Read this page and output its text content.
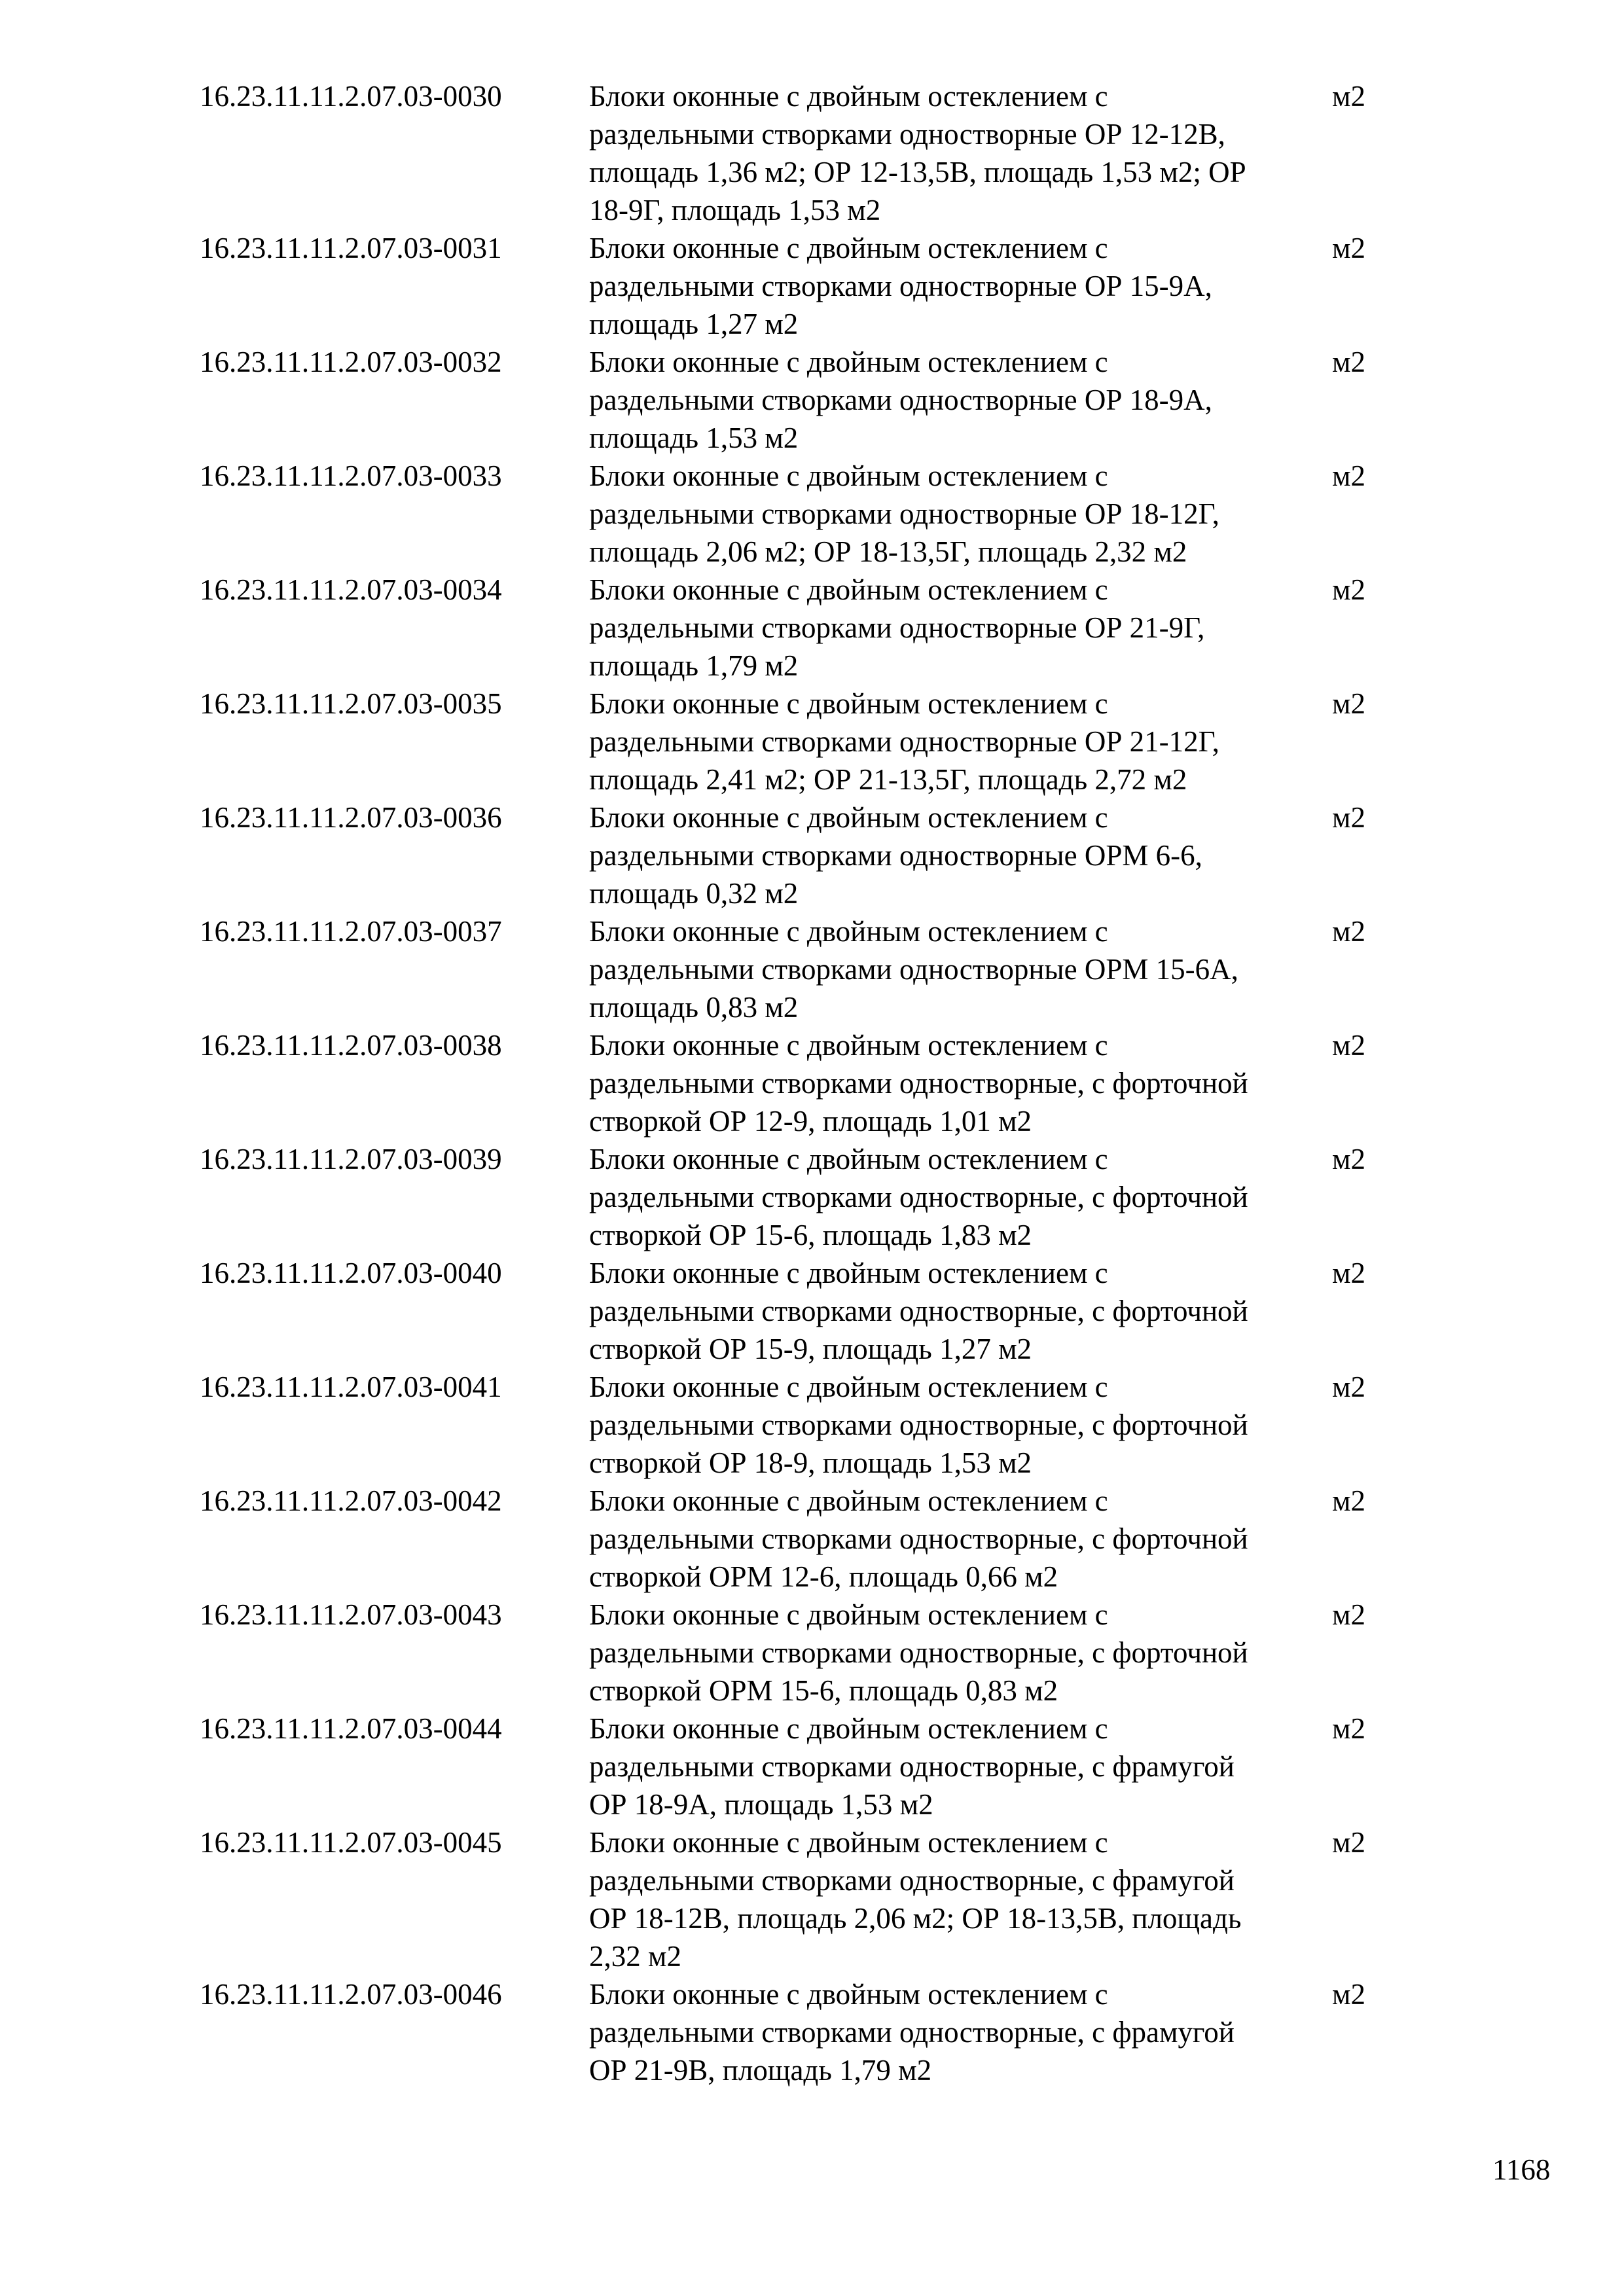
16.23.11.11.2.07.03-0030	Блоки оконные с двойным остеклением с
раздельными створками одностворные ОР 12-12В,
площадь 1,36 м2; ОР 12-13,5В, площадь 1,53 м2; ОР
18-9Г, площадь 1,53 м2
м2
16.23.11.11.2.07.03-0031	Блоки оконные с двойным остеклением с
раздельными створками одностворные ОР 15-9А,
площадь 1,27 м2
м2
16.23.11.11.2.07.03-0032	Блоки оконные с двойным остеклением с
раздельными створками одностворные ОР 18-9А,
площадь 1,53 м2
м2
16.23.11.11.2.07.03-0033	Блоки оконные с двойным остеклением с
раздельными створками одностворные ОР 18-12Г,
площадь 2,06 м2; ОР 18-13,5Г, площадь 2,32 м2
м2
16.23.11.11.2.07.03-0034	Блоки оконные с двойным остеклением с
раздельными створками одностворные ОР 21-9Г,
площадь 1,79 м2
м2
16.23.11.11.2.07.03-0035	Блоки оконные с двойным остеклением с
раздельными створками одностворные ОР 21-12Г,
площадь 2,41 м2; ОР 21-13,5Г, площадь 2,72 м2
м2
16.23.11.11.2.07.03-0036	Блоки оконные с двойным остеклением с
раздельными створками одностворные ОРМ 6-6,
площадь 0,32 м2
м2
16.23.11.11.2.07.03-0037	Блоки оконные с двойным остеклением с
раздельными створками одностворные ОРМ 15-6А,
площадь 0,83 м2
м2
16.23.11.11.2.07.03-0038	Блоки оконные с двойным остеклением с
раздельными створками одностворные, с форточной
створкой ОР 12-9, площадь 1,01 м2
м2
16.23.11.11.2.07.03-0039	Блоки оконные с двойным остеклением с
раздельными створками одностворные, с форточной
створкой ОР 15-6, площадь 1,83 м2
м2
16.23.11.11.2.07.03-0040	Блоки оконные с двойным остеклением с
раздельными створками одностворные, с форточной
створкой ОР 15-9, площадь 1,27 м2
м2
16.23.11.11.2.07.03-0041	Блоки оконные с двойным остеклением с
раздельными створками одностворные, с форточной
створкой ОР 18-9, площадь 1,53 м2
м2
16.23.11.11.2.07.03-0042	Блоки оконные с двойным остеклением с
раздельными створками одностворные, с форточной
створкой ОРМ 12-6, площадь 0,66 м2
м2
16.23.11.11.2.07.03-0043	Блоки оконные с двойным остеклением с
раздельными створками одностворные, с форточной
створкой ОРМ 15-6, площадь 0,83 м2
м2
16.23.11.11.2.07.03-0044	Блоки оконные с двойным остеклением с
раздельными створками одностворные, с фрамугой
ОР 18-9А, площадь 1,53 м2
м2
16.23.11.11.2.07.03-0045	Блоки оконные с двойным остеклением с
раздельными створками одностворные, с фрамугой
ОР 18-12В, площадь 2,06 м2; ОР 18-13,5В, площадь
2,32 м2
м2
16.23.11.11.2.07.03-0046	Блоки оконные с двойным остеклением с
раздельными створками одностворные, с фрамугой
ОР 21-9В, площадь 1,79 м2
м2
1168
